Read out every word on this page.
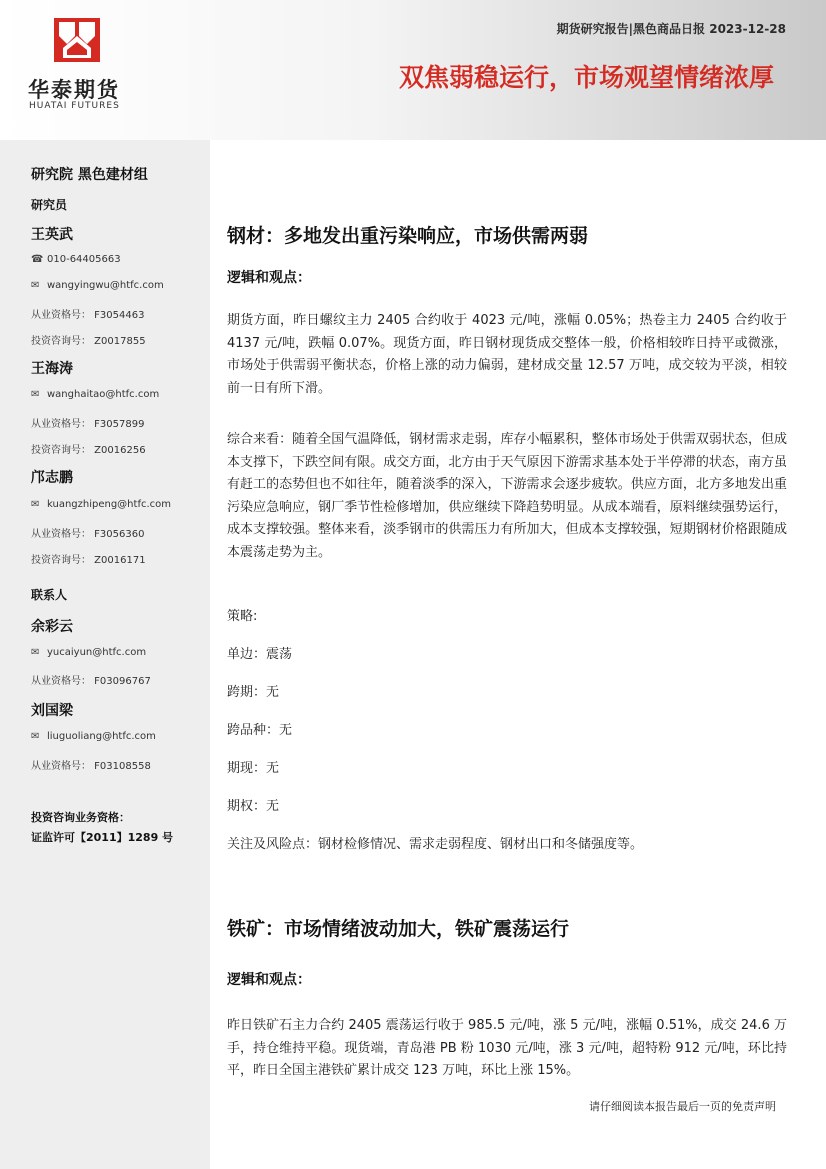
华泰期货
HUATAI FUTURES
期货研究报告|黑色商品日报 2023-12-28
双焦弱稳运行，市场观望情绪浓厚
研究院 黑色建材组
研究员
王英武
☎ 010-64405663
✉ wangyingwu@htfc.com
从业资格号： F3054463
投资咨询号： Z0017855
王海涛
✉ wanghaitao@htfc.com
从业资格号： F3057899
投资咨询号： Z0016256
邝志鹏
✉ kuangzhipeng@htfc.com
从业资格号： F3056360
投资咨询号： Z0016171
联系人
余彩云
✉ yucaiyun@htfc.com
从业资格号： F03096767
刘国梁
✉ liuguoliang@htfc.com
从业资格号： F03108558
投资咨询业务资格：
证监许可【2011】1289 号
钢材：多地发出重污染响应，市场供需两弱
逻辑和观点：
期货方面，昨日螺纹主力 2405 合约收于 4023 元/吨，涨幅 0.05%；热卷主力 2405 合约收于 4137 元/吨，跌幅 0.07%。现货方面，昨日钢材现货成交整体一般，价格相较昨日持平或微涨，市场处于供需弱平衡状态，价格上涨的动力偏弱，建材成交量 12.57 万吨，成交较为平淡，相较前一日有所下滑。
综合来看：随着全国气温降低，钢材需求走弱，库存小幅累积，整体市场处于供需双弱状态，但成本支撑下，下跌空间有限。成交方面，北方由于天气原因下游需求基本处于半停滞的状态，南方虽有赶工的态势但也不如往年，随着淡季的深入，下游需求会逐步疲软。供应方面，北方多地发出重污染应急响应，钢厂季节性检修增加，供应继续下降趋势明显。从成本端看，原料继续强势运行，成本支撑较强。整体来看，淡季钢市的供需压力有所加大，但成本支撑较强，短期钢材价格跟随成本震荡走势为主。
策略:
单边：震荡
跨期：无
跨品种：无
期现：无
期权：无
关注及风险点：钢材检修情况、需求走弱程度、钢材出口和冬储强度等。
铁矿：市场情绪波动加大，铁矿震荡运行
逻辑和观点：
昨日铁矿石主力合约 2405 震荡运行收于 985.5 元/吨，涨 5 元/吨，涨幅 0.51%，成交 24.6 万手，持仓维持平稳。现货端，青岛港 PB 粉 1030 元/吨，涨 3 元/吨，超特粉 912 元/吨，环比持平，昨日全国主港铁矿累计成交 123 万吨，环比上涨 15%。
请仔细阅读本报告最后一页的免责声明
